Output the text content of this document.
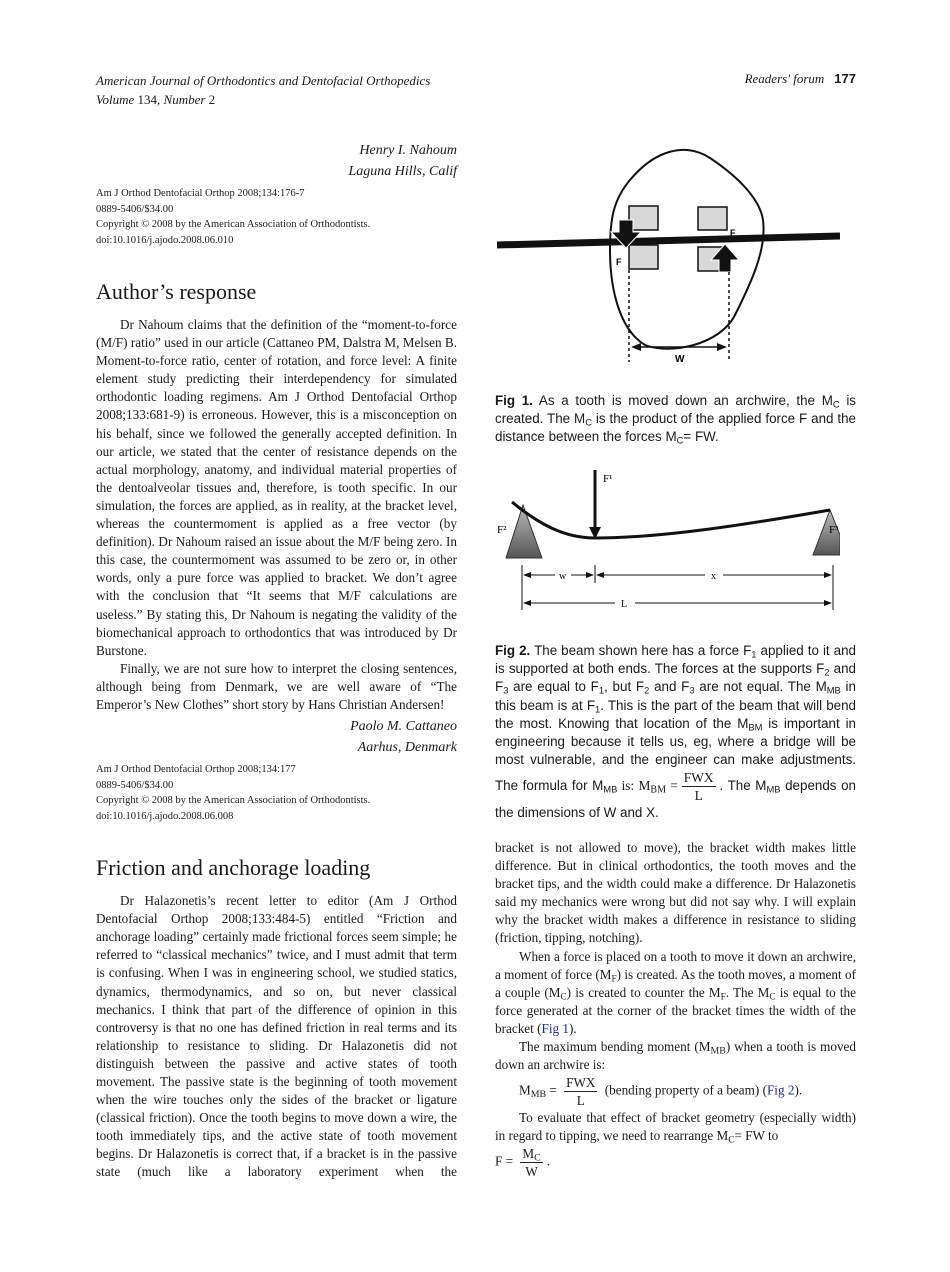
American Journal of Orthodontics and Dentofacial Orthopedics
Volume 134, Number 2
Readers' forum 177
Henry I. Nahoum
Laguna Hills, Calif
Am J Orthod Dentofacial Orthop 2008;134:176-7
0889-5406/$34.00
Copyright © 2008 by the American Association of Orthodontists.
doi:10.1016/j.ajodo.2008.06.010
Author’s response

Dr Nahoum claims that the definition of the “moment-to-force (M/F) ratio” used in our article (Cattaneo PM, Dalstra M, Melsen B. Moment-to-force ratio, center of rotation, and force level: A finite element study predicting their interdependency for simulated orthodontic loading regimens. Am J Orthod Dentofacial Orthop 2008;133:681-9) is erroneous. However, this is a misconception on his behalf, since we followed the generally accepted definition. In our article, we stated that the center of resistance depends on the actual morphology, anatomy, and individual material properties of the dentoalveolar tissues and, therefore, is tooth specific. In our simulation, the forces are applied, as in reality, at the bracket level, whereas the countermoment is applied as a free vector (by definition). Dr Nahoum raised an issue about the M/F being zero. In this case, the countermoment was assumed to be zero or, in other words, only a pure force was applied to bracket. We don’t agree with the conclusion that “It seems that M/F calculations are useless.” By stating this, Dr Nahoum is negating the validity of the biomechanical approach to orthodontics that was introduced by Dr Burstone.

Finally, we are not sure how to interpret the closing sentences, although being from Denmark, we are well aware of “The Emperor’s New Clothes” short story by Hans Christian Andersen!

Paolo M. Cattaneo
Aarhus, Denmark
Am J Orthod Dentofacial Orthop 2008;134:177
0889-5406/$34.00
Copyright © 2008 by the American Association of Orthodontists.
doi:10.1016/j.ajodo.2008.06.008
Friction and anchorage loading

Dr Halazonetis’s recent letter to editor (Am J Orthod Dentofacial Orthop 2008;133:484-5) entitled “Friction and anchorage loading” certainly made frictional forces seem simple; he referred to “classical mechanics” twice, and I must admit that term is confusing. When I was in engineering school, we studied statics, dynamics, thermodynamics, and so on, but never classical mechanics. I think that part of the difference of opinion in this controversy is that no one has defined friction in real terms and its relationship to resistance to sliding. Dr Halazonetis did not distinguish between the passive and active states of tooth movement. The passive state is the beginning of tooth movement when the wire touches only the sides of the bracket or ligature (classical friction). Once the tooth begins to move down a wire, the tooth immediately tips, and the active state of tooth movement begins. Dr Halazonetis is correct that, if a bracket is in the passive state (much like a laboratory experiment when the

F
F
W
Fig 1. As a tooth is moved down an archwire, the $M_C$ is created. The $M_C$ is the product of the applied force F and the distance between the forces $M_C=$ FW.
F¹
F²	F³
w	x
L
Fig 2. The beam shown here has a force $F_1$ applied to it and is supported at both ends. The forces at the supports $F_2$ and $F_3$ are equal to $F_1$, but $F_2$ and $F_3$ are not equal. The $M_{MB}$ in this beam is at $F_1$. This is the part of the beam that will bend the most. Knowing that location of the $M_{BM}$ is important in engineering because it tells us, eg, where a bridge will be most vulnerable, and the engineer can make adjustments. The formula for $M_{MB}$ is: $M_{BM} = \frac{\text{FWX}}{L}$ . The $M_{MB}$ depends on the dimensions of W and X.

bracket is not allowed to move), the bracket width makes little difference. But in clinical orthodontics, the tooth moves and the bracket tips, and the width could make a difference. Dr Halazonetis said my mechanics were wrong but did not say why. I will explain why the bracket width makes a difference in resistance to sliding (friction, tipping, notching).

When a force is placed on a tooth to move it down an archwire, a moment of force $(M_F)$ is created. As the tooth moves, a moment of a couple $(M_C)$ is created to counter the $M_F$. The $M_C$ is equal to the force generated at the corner of the bracket times the width of the bracket (Fig 1).

The maximum bending moment $(M_{MB})$ when a tooth is moved down an archwire is:

$M_{MB} = \frac{\text{FWX}}{L}$ (bending property of a beam) (Fig 2).

To evaluate that effect of bracket geometry (especially width) in regard to tipping, we need to rearrange $M_C=$ FW to

$F = \frac{M_C}{W}$ .
